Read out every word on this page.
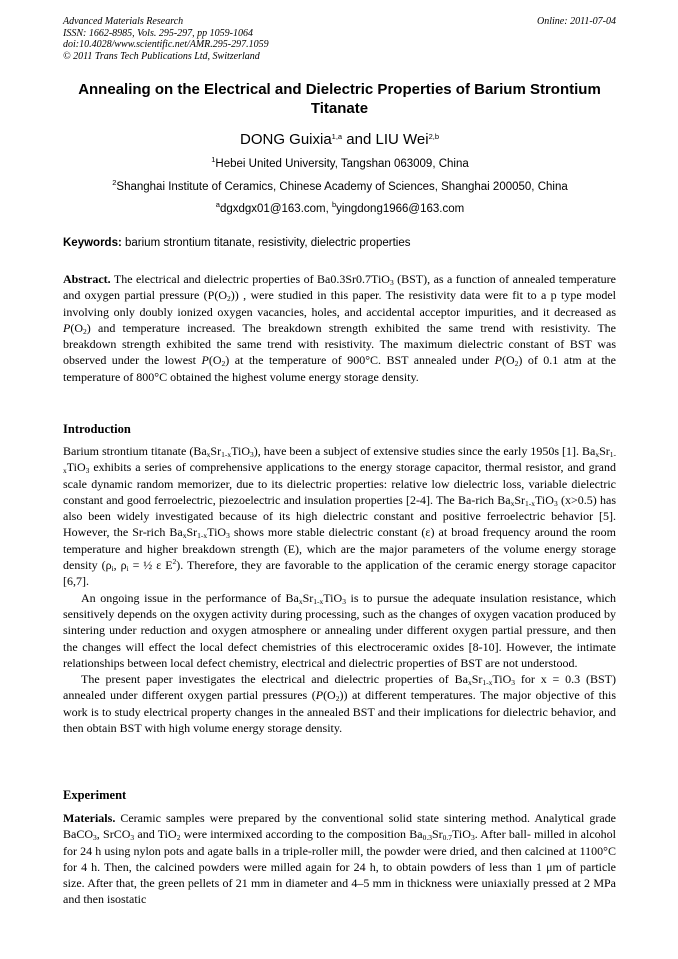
Advanced Materials Research
ISSN: 1662-8985, Vols. 295-297, pp 1059-1064
doi:10.4028/www.scientific.net/AMR.295-297.1059
© 2011 Trans Tech Publications Ltd, Switzerland
Online: 2011-07-04
Annealing on the Electrical and Dielectric Properties of Barium Strontium Titanate
DONG Guixia$^{1,a}$ and LIU Wei$^{2,b}$
$^1$Hebei United University, Tangshan 063009, China
$^2$Shanghai Institute of Ceramics, Chinese Academy of Sciences, Shanghai 200050, China
$^a$dgxdgx01@163.com, $^b$yingdong1966@163.com
Keywords: barium strontium titanate, resistivity, dielectric properties
Abstract. The electrical and dielectric properties of Ba0.3Sr0.7TiO$_3$ (BST), as a function of annealed temperature and oxygen partial pressure $(P(O_2))$ , were studied in this paper. The resistivity data were fit to a p type model involving only doubly ionized oxygen vacancies, holes, and accidental acceptor impurities, and it decreased as $P(O_2)$ and temperature increased. The breakdown strength exhibited the same trend with resistivity. The breakdown strength exhibited the same trend with resistivity. The maximum dielectric constant of BST was observed under the lowest $P(O_2)$ at the temperature of 900°C. BST annealed under $P(O_2)$ of 0.1 atm at the temperature of 800°C obtained the highest volume energy storage density.
Introduction

Barium strontium titanate $(Ba_xSr_{1-x}TiO_3)$, have been a subject of extensive studies since the early 1950s [1]. $Ba_xSr_{1-x}TiO_3$ exhibits a series of comprehensive applications to the energy storage capacitor, thermal resistor, and grand scale dynamic random memorizer, due to its dielectric properties: relative low dielectric loss, variable dielectric constant and good ferroelectric, piezoelectric and insulation properties [2-4]. The Ba-rich $Ba_xSr_{1-x}TiO_3$ (x>0.5) has also been widely investigated because of its high dielectric constant and positive ferroelectric behavior [5]. However, the Sr-rich $Ba_xSr_{1-x}TiO_3$ shows more stable dielectric constant (ε) at broad frequency around the room temperature and higher breakdown strength (E), which are the major parameters of the volume energy storage density ($\rho_i$, $\rho_i$ = ½ ε $E^2$). Therefore, they are favorable to the application of the ceramic energy storage capacitor [6,7].

An ongoing issue in the performance of $Ba_xSr_{1-x}TiO_3$ is to pursue the adequate insulation resistance, which sensitively depends on the oxygen activity during processing, such as the changes of oxygen vacation produced by sintering under reduction and oxygen atmosphere or annealing under different oxygen partial pressure, and then the changes will effect the local defect chemistries of this electroceramic oxides [8-10]. However, the intimate relationships between local defect chemistry, electrical and dielectric properties of BST are not understood.

The present paper investigates the electrical and dielectric properties of $Ba_xSr_{1-x}TiO_3$ for x = 0.3 (BST) annealed under different oxygen partial pressures $(P(O_2))$ at different temperatures. The major objective of this work is to study electrical property changes in the annealed BST and their implications for dielectric behavior, and then obtain BST with high volume energy storage density.

Experiment

Materials. Ceramic samples were prepared by the conventional solid state sintering method. Analytical grade BaCO$_3$, SrCO$_3$ and TiO$_2$ were intermixed according to the composition $Ba_{0.3}Sr_{0.7}TiO_3$. After ball- milled in alcohol for 24 h using nylon pots and agate balls in a triple-roller mill, the powder were dried, and then calcined at 1100°C for 4 h. Then, the calcined powders were milled again for 24 h, to obtain powders of less than 1 μm of particle size. After that, the green pellets of 21 mm in diameter and 4–5 mm in thickness were uniaxially pressed at 2 MPa and then isostatic
